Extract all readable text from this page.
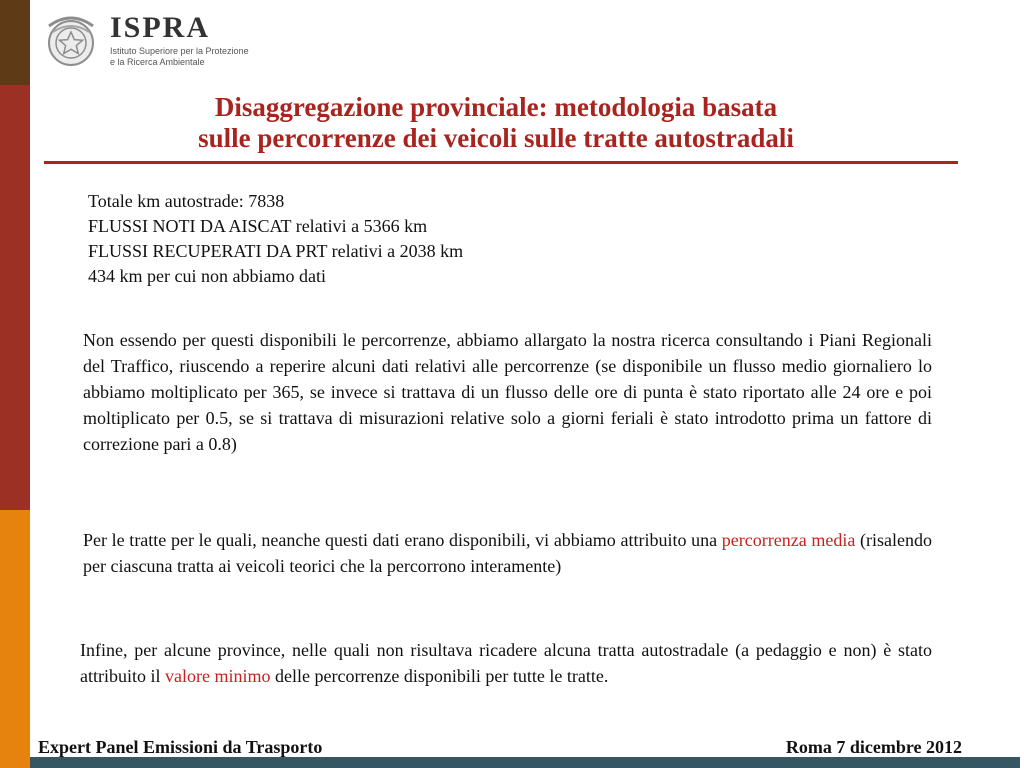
ISPRA
Istituto Superiore per la Protezione
e la Ricerca Ambientale
Disaggregazione provinciale: metodologia basata
sulle percorrenze dei veicoli sulle tratte autostradali
Totale km autostrade: 7838
FLUSSI NOTI DA AISCAT relativi a 5366 km
FLUSSI RECUPERATI DA PRT relativi a 2038 km
434 km per cui non abbiamo dati

Non essendo per questi disponibili le percorrenze, abbiamo allargato la nostra ricerca consultando i Piani Regionali del Traffico, riuscendo a reperire alcuni dati relativi alle percorrenze (se disponibile un flusso medio giornaliero lo abbiamo moltiplicato per 365, se invece si trattava di un flusso delle ore di punta è stato riportato alle 24 ore e poi moltiplicato per 0.5, se si trattava di misurazioni relative solo a giorni feriali è stato introdotto prima un fattore di correzione pari a 0.8)

Per le tratte per le quali, neanche questi dati erano disponibili, vi abbiamo attribuito una percorrenza media (risalendo per ciascuna tratta ai veicoli teorici che la percorrono interamente)

Infine, per alcune province, nelle quali non risultava ricadere alcuna tratta autostradale (a pedaggio e non) è stato attribuito il valore minimo delle percorrenze disponibili per tutte le tratte.

Expert Panel Emissioni da Trasporto	Roma 7 dicembre 2012
